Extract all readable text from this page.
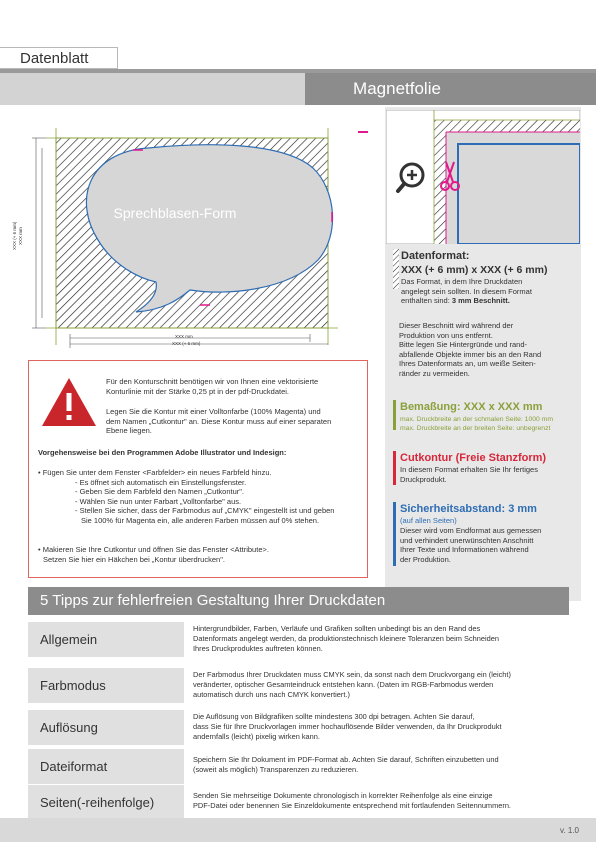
Datenblatt
Magnetfolie
Sprechblasen-Form
XXX mm
XXX (+ 6 mm)
XXX (+ 6 mm) XXX mm
Datenformat:
XXX (+ 6 mm) x XXX (+ 6 mm)
Das Format, in dem Ihre Druckdaten
angelegt sein sollten. In diesem Format
enthalten sind: 3 mm Beschnitt.
Dieser Beschnitt wird während der
Produktion von uns entfernt.
Bitte legen Sie Hintergründe und rand-
abfallende Objekte immer bis an den Rand
Ihres Datenformats an, um weiße Seiten-
ränder zu vermeiden.
Bemaßung: XXX x XXX mm
max. Druckbreite an der schmalen Seite: 1000 mm
max. Druckbreite an der breiten Seite: unbegrenzt
Cutkontur (Freie Stanzform)
In diesem Format erhalten Sie Ihr fertiges
Druckprodukt.
Sicherheitsabstand: 3 mm
(auf allen Seiten)
Dieser wird vom Endformat aus gemessen
und verhindert unerwünschten Anschnitt
Ihrer Texte und Informationen während
der Produktion.
Für den Konturschnitt benötigen wir von Ihnen eine vektorisierte
Konturlinie mit der Stärke 0,25 pt in der pdf-Druckdatei.
Legen Sie die Kontur mit einer Volltonfarbe (100% Magenta) und
dem Namen „Cutkontur" an. Diese Kontur muss auf einer separaten
Ebene liegen.
Vorgehensweise bei den Programmen Adobe Illustrator und Indesign:
• Fügen Sie unter dem Fenster <Farbfelder> ein neues Farbfeld hinzu.
- Es öffnet sich automatisch ein Einstellungsfenster.
- Geben Sie dem Farbfeld den Namen „Cutkontur".
- Wählen Sie nun unter Farbart „Volltonfarbe" aus.
- Stellen Sie sicher, dass der Farbmodus auf „CMYK" eingestellt ist und geben
Sie 100% für Magenta ein, alle anderen Farben müssen auf 0% stehen.
• Makieren Sie Ihre Cutkontur und öffnen Sie das Fenster <Attribute>.
Setzen Sie hier ein Häkchen bei „Kontur überdrucken".
5 Tipps zur fehlerfreien Gestaltung Ihrer Druckdaten
Allgemein
Hintergrundbilder, Farben, Verläufe und Grafiken sollten unbedingt bis an den Rand des
Datenformats angelegt werden, da produktionstechnisch kleinere Toleranzen beim Schneiden
Ihres Druckproduktes auftreten können.
Farbmodus
Der Farbmodus Ihrer Druckdaten muss CMYK sein, da sonst nach dem Druckvorgang ein (leicht)
veränderter, optischer Gesamteindruck entstehen kann. (Daten im RGB-Farbmodus werden
automatisch durch uns nach CMYK konvertiert.)
Auflösung
Die Auflösung von Bildgrafiken sollte mindestens 300 dpi betragen. Achten Sie darauf,
dass Sie für Ihre Druckvorlagen immer hochauflösende Bilder verwenden, da Ihr Druckprodukt
andernfalls (leicht) pixelig wirken kann.
Dateiformat	Speichern Sie Ihr Dokument im PDF-Format ab. Achten Sie darauf, Schriften einzubetten und
(soweit als möglich) Transparenzen zu reduzieren.
Seiten(-reihenfolge)	Senden Sie mehrseitige Dokumente chronologisch in korrekter Reihenfolge als eine einzige
PDF-Datei oder benennen Sie Einzeldokumente entsprechend mit fortlaufenden Seitennummern.
v. 1.0
